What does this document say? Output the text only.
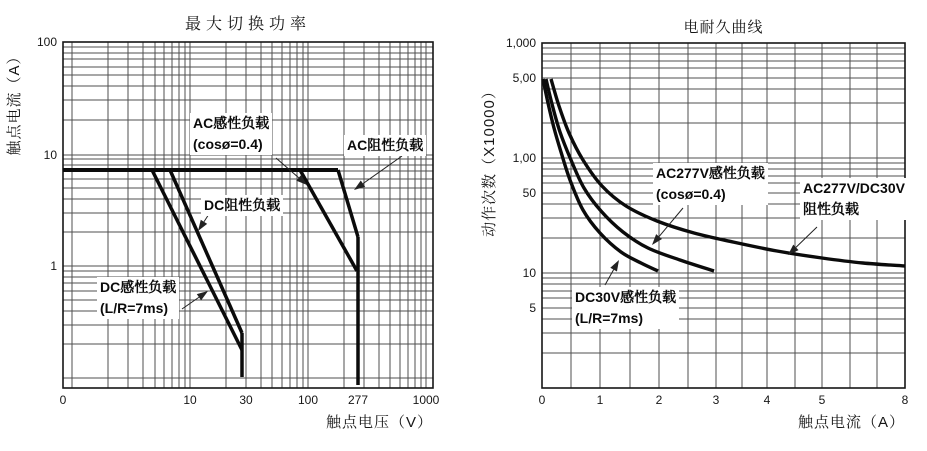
最大切换功率	电耐久曲线
触点电流（A）	动作次数（X10000）
触点电压（V）	触点电流（A）
AC感性负载
(cosø=0.4)	AC阻性负载
DC阻性负载
DC感性负载
(L/R=7ms)
AC277V感性负载
(cosø=0.4)	AC277V/DC30V
阻性负载
DC30V感性负载
(L/R=7ms)
0	10	30	100 277	1000
100
10
1
0	1	2	3	4	5	8
1,000
5,00
1,00
50
10
5
